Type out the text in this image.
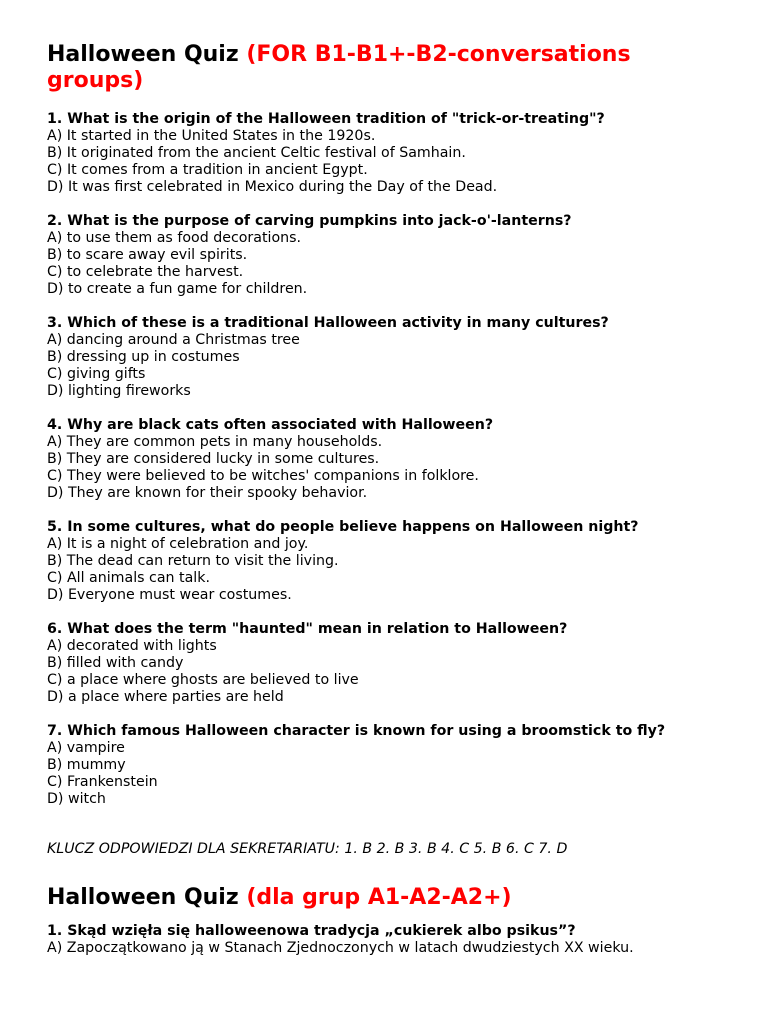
Halloween Quiz (FOR B1-B1+-B2-conversations groups)

1. What is the origin of the Halloween tradition of "trick-or-treating"?

A) It started in the United States in the 1920s.

B) It originated from the ancient Celtic festival of Samhain.

C) It comes from a tradition in ancient Egypt.

D) It was first celebrated in Mexico during the Day of the Dead.

2. What is the purpose of carving pumpkins into jack-o'-lanterns?

A) to use them as food decorations.

B) to scare away evil spirits.

C) to celebrate the harvest.

D) to create a fun game for children.

3. Which of these is a traditional Halloween activity in many cultures?

A) dancing around a Christmas tree

B) dressing up in costumes

C) giving gifts

D) lighting fireworks

4. Why are black cats often associated with Halloween?

A) They are common pets in many households.

B) They are considered lucky in some cultures.

C) They were believed to be witches' companions in folklore.

D) They are known for their spooky behavior.

5. In some cultures, what do people believe happens on Halloween night?

A) It is a night of celebration and joy.

B) The dead can return to visit the living.

C) All animals can talk.

D) Everyone must wear costumes.

6. What does the term "haunted" mean in relation to Halloween?

A) decorated with lights

B) filled with candy

C) a place where ghosts are believed to live

D) a place where parties are held

7. Which famous Halloween character is known for using a broomstick to fly?

A) vampire

B) mummy

C) Frankenstein

D) witch

KLUCZ ODPOWIEDZI DLA SEKRETARIATU: 1. B 2. B 3. B 4. C 5. B 6. C 7. D

Halloween Quiz (dla grup A1-A2-A2+)

1. Skąd wzięła się halloweenowa tradycja „cukierek albo psikus”?

A) Zapoczątkowano ją w Stanach Zjednoczonych w latach dwudziestych XX wieku.
